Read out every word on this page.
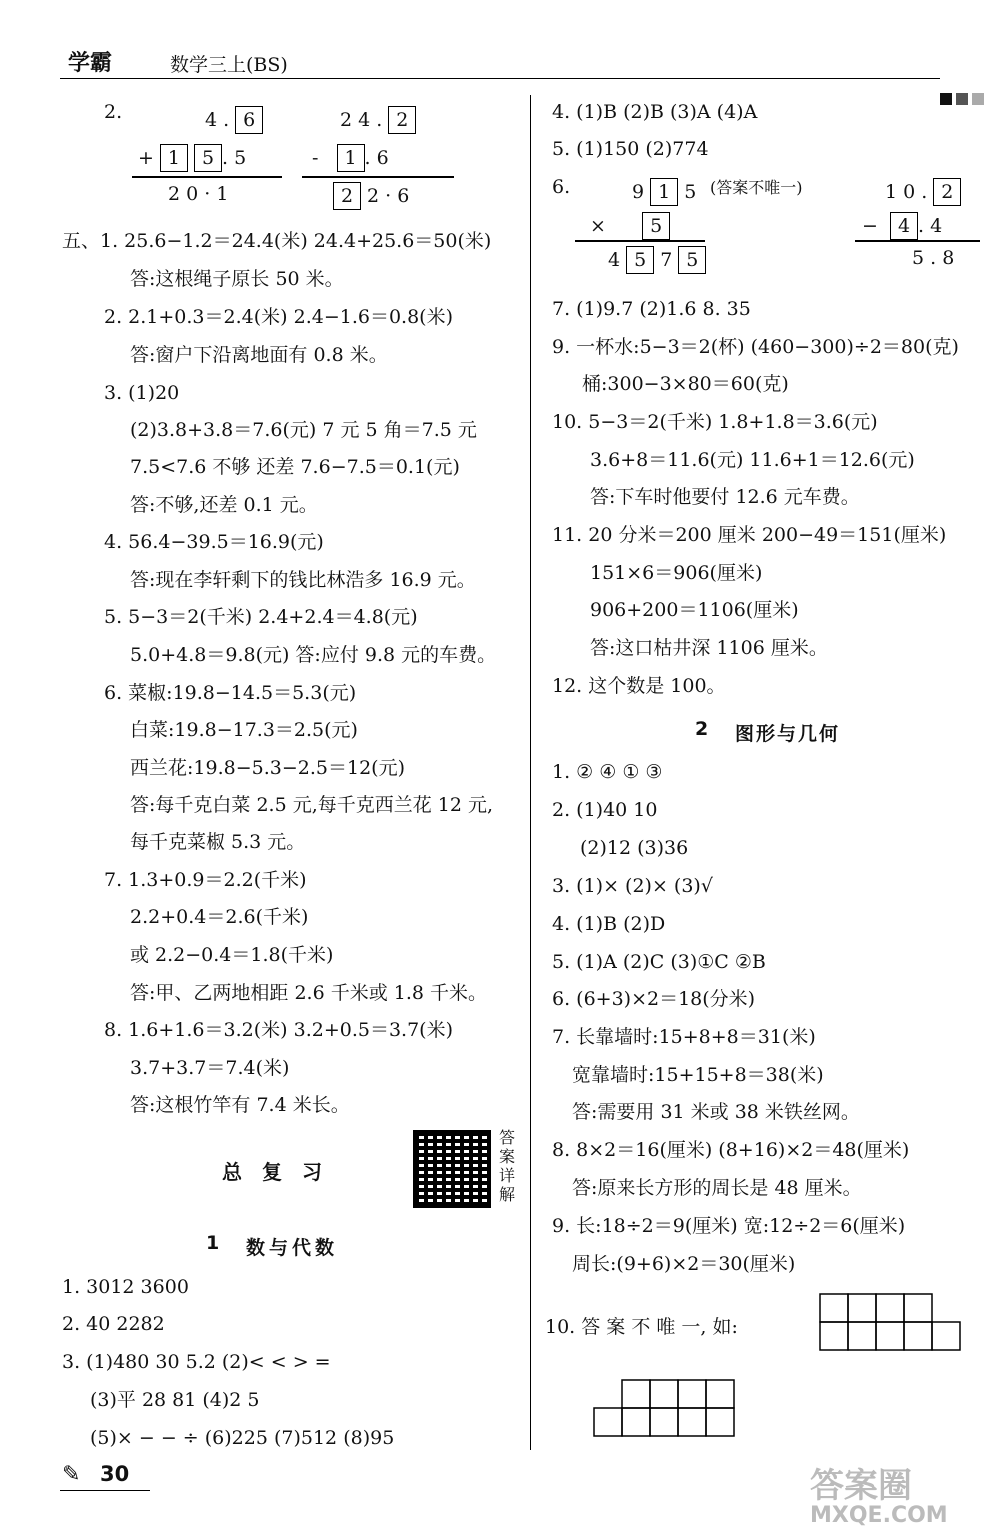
学霸	数学三上(BS)
2.	4 . 6
+ 1 5 . 5
2 0 · 1
2 4 . 2
- 1 . 6
2 2 · 6
五、1. 25.6−1.2＝24.4(米) 24.4+25.6＝50(米)
答:这根绳子原长 50 米。
2. 2.1+0.3＝2.4(米) 2.4−1.6＝0.8(米)
答:窗户下沿离地面有 0.8 米。
3. (1)20
(2)3.8+3.8＝7.6(元) 7 元 5 角＝7.5 元
7.5<7.6 不够 还差 7.6−7.5＝0.1(元)
答:不够,还差 0.1 元。
4. 56.4−39.5＝16.9(元)
答:现在李轩剩下的钱比林浩多 16.9 元。
5. 5−3＝2(千米) 2.4+2.4＝4.8(元)
5.0+4.8＝9.8(元) 答:应付 9.8 元的车费。
6. 菜椒:19.8−14.5＝5.3(元)
白菜:19.8−17.3＝2.5(元)
西兰花:19.8−5.3−2.5＝12(元)
答:每千克白菜 2.5 元,每千克西兰花 12 元,
每千克菜椒 5.3 元。
7. 1.3+0.9＝2.2(千米)
2.2+0.4＝2.6(千米)
或 2.2−0.4＝1.8(千米)
答:甲、乙两地相距 2.6 千米或 1.8 千米。
8. 1.6+1.6＝3.2(米) 3.2+0.5＝3.7(米)
3.7+3.7＝7.4(米)
答:这根竹竿有 7.4 米长。
总复习
答案详解
1 数与代数
1. 3012 3600
2. 40 2282
3. (1)480 30 5.2 (2)< < > =
(3)平 28 81 (4)2 5
(5)× − − ÷ (6)225 (7)512 (8)95
4. (1)B (2)B (3)A (4)A
5. (1)150 (2)774
6.	9 1 5 (答案不唯一)
× 5
4 5 7 5
1 0 . 2
− 4 . 4
5 . 8
7. (1)9.7 (2)1.6 8. 35
9. 一杯水:5−3＝2(杯) (460−300)÷2＝80(克)
桶:300−3×80＝60(克)
10. 5−3＝2(千米) 1.8+1.8＝3.6(元)
3.6+8＝11.6(元) 11.6+1＝12.6(元)
答:下车时他要付 12.6 元车费。
11. 20 分米＝200 厘米 200−49＝151(厘米)
151×6＝906(厘米)
906+200＝1106(厘米)
答:这口枯井深 1106 厘米。
12. 这个数是 100。
2 图形与几何
1. ② ④ ① ③
2. (1)40 10
(2)12 (3)36
3. (1)× (2)× (3)√
4. (1)B (2)D
5. (1)A (2)C (3)①C ②B
6. (6+3)×2＝18(分米)
7. 长靠墙时:15+8+8＝31(米)
宽靠墙时:15+15+8＝38(米)
答:需要用 31 米或 38 米铁丝网。
8. 8×2＝16(厘米) (8+16)×2＝48(厘米)
答:原来长方形的周长是 48 厘米。
9. 长:18÷2＝9(厘米) 宽:12÷2＝6(厘米)
周长:(9+6)×2＝30(厘米)
10. 答 案 不 唯 一, 如:
✎ 30	答案圈
MXQE.COM
